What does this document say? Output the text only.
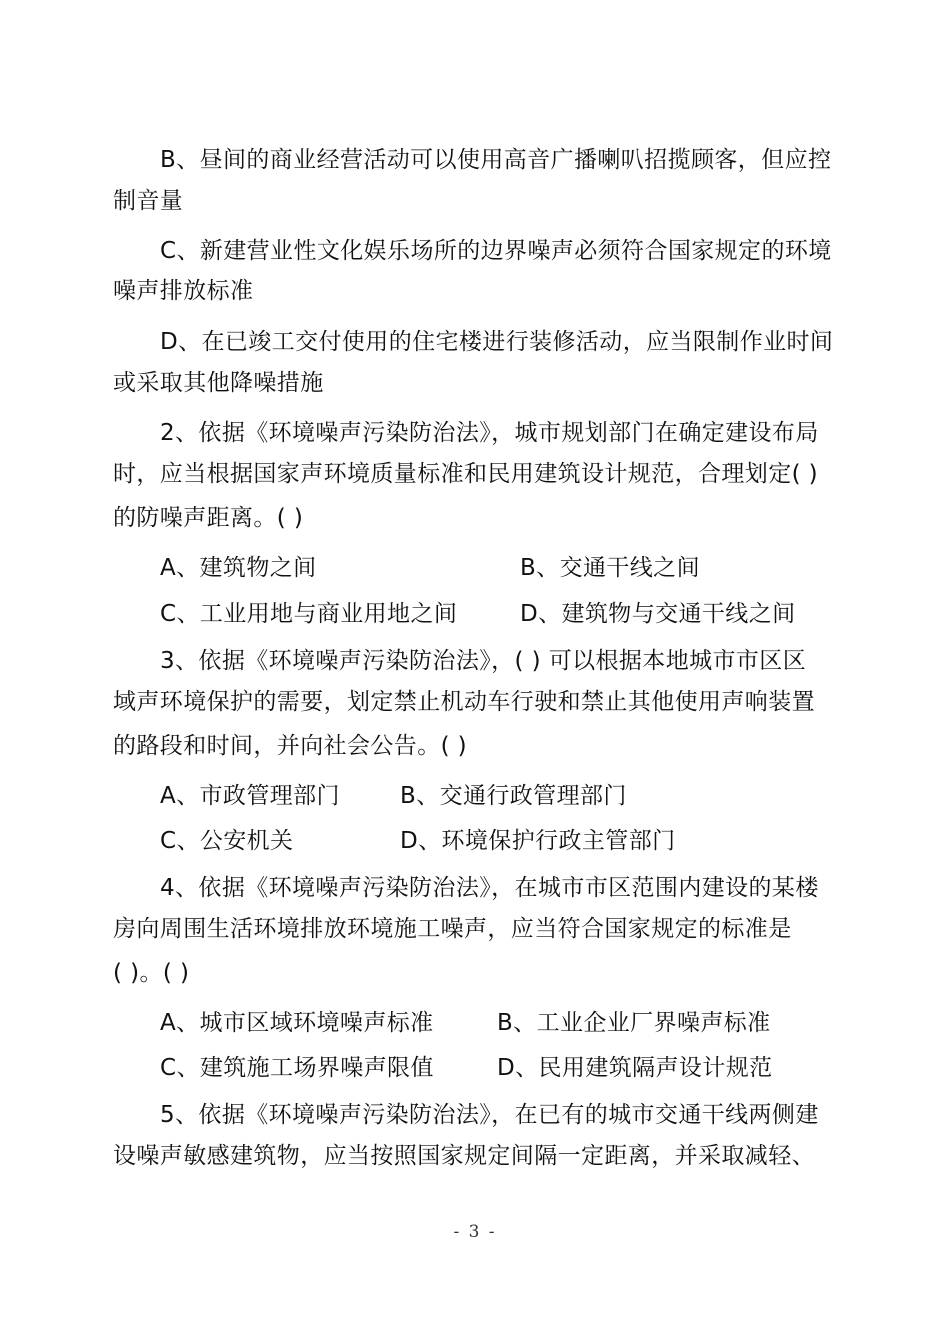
B、昼间的商业经营活动可以使用高音广播喇叭招揽顾客，但应控
制音量
C、新建营业性文化娱乐场所的边界噪声必须符合国家规定的环境
噪声排放标准
D、在已竣工交付使用的住宅楼进行装修活动，应当限制作业时间
或采取其他降噪措施
2、依据《环境噪声污染防治法》，城市规划部门在确定建设布局
时，应当根据国家声环境质量标准和民用建筑设计规范，合理划定( )
的防噪声距离。( )
A、建筑物之间	B、交通干线之间
C、工业用地与商业用地之间	D、建筑物与交通干线之间
3、依据《环境噪声污染防治法》，( ) 可以根据本地城市市区区
域声环境保护的需要，划定禁止机动车行驶和禁止其他使用声响装置
的路段和时间，并向社会公告。( )
A、市政管理部门	B、交通行政管理部门
C、公安机关	D、环境保护行政主管部门
4、依据《环境噪声污染防治法》，在城市市区范围内建设的某楼
房向周围生活环境排放环境施工噪声，应当符合国家规定的标准是
( )。( )
A、城市区域环境噪声标准	B、工业企业厂界噪声标准
C、建筑施工场界噪声限值	D、民用建筑隔声设计规范
5、依据《环境噪声污染防治法》，在已有的城市交通干线两侧建
设噪声敏感建筑物，应当按照国家规定间隔一定距离，并采取减轻、
- 3 -
